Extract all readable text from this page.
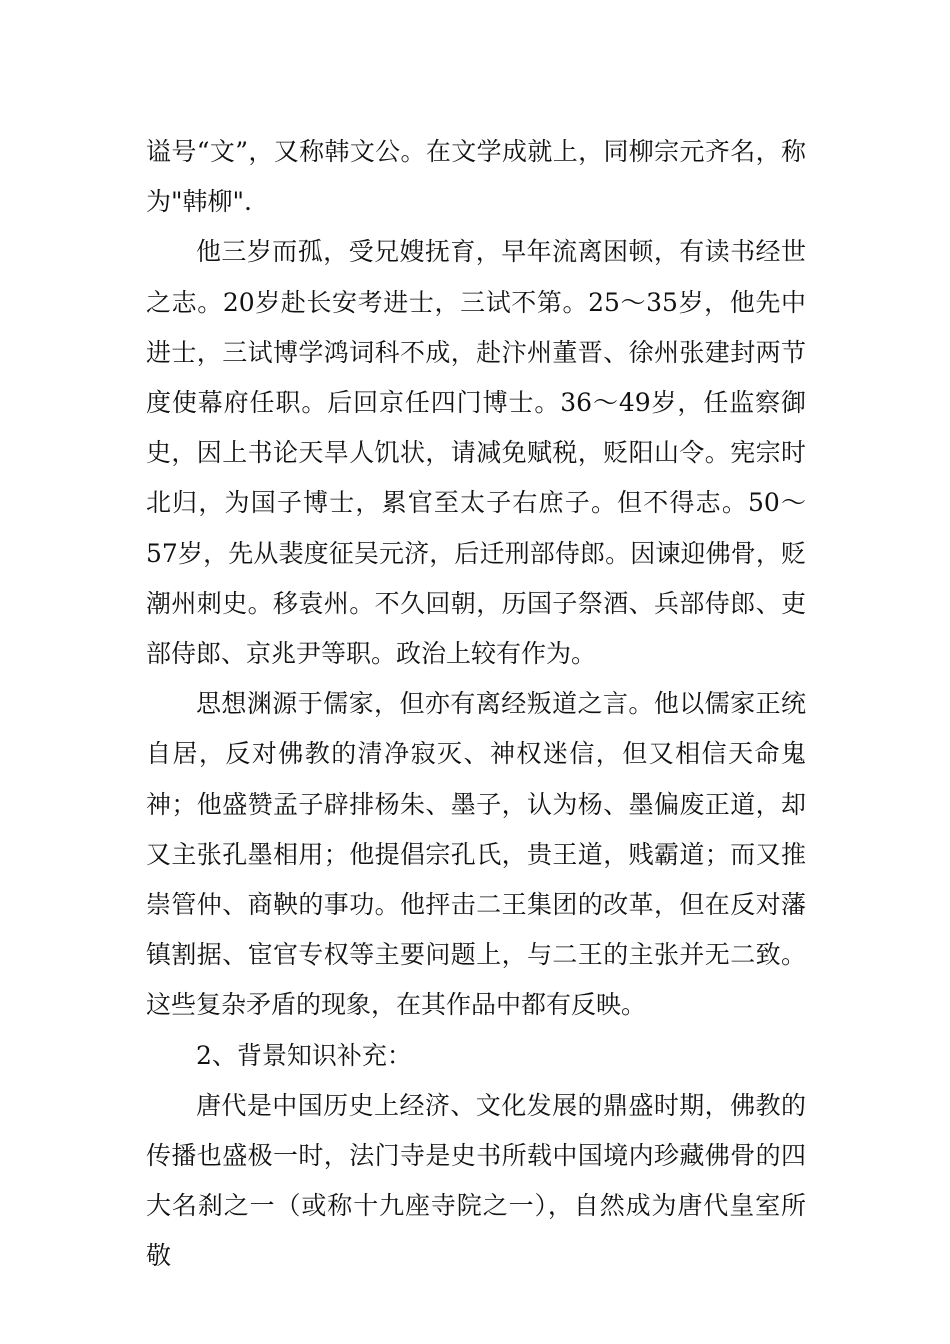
谥号“文”，又称韩文公。在文学成就上，同柳宗元齐名，称为"韩柳".

他三岁而孤，受兄嫂抚育，早年流离困顿，有读书经世之志。20岁赴长安考进士，三试不第。25～35岁，他先中进士，三试博学鸿词科不成，赴汴州董晋、徐州张建封两节度使幕府任职。后回京任四门博士。36～49岁，任监察御史，因上书论天旱人饥状，请减免赋税，贬阳山令。宪宗时北归，为国子博士，累官至太子右庶子。但不得志。50～57岁，先从裴度征吴元济，后迁刑部侍郎。因谏迎佛骨，贬潮州刺史。移袁州。不久回朝，历国子祭酒、兵部侍郎、吏部侍郎、京兆尹等职。政治上较有作为。

思想渊源于儒家，但亦有离经叛道之言。他以儒家正统自居，反对佛教的清净寂灭、神权迷信，但又相信天命鬼神；他盛赞孟子辟排杨朱、墨子，认为杨、墨偏废正道，却又主张孔墨相用；他提倡宗孔氏，贵王道，贱霸道；而又推崇管仲、商鞅的事功。他抨击二王集团的改革，但在反对藩镇割据、宦官专权等主要问题上，与二王的主张并无二致。这些复杂矛盾的现象，在其作品中都有反映。

2、背景知识补充：

唐代是中国历史上经济、文化发展的鼎盛时期，佛教的传播也盛极一时，法门寺是史书所载中国境内珍藏佛骨的四大名刹之一（或称十九座寺院之一），自然成为唐代皇室所敬
